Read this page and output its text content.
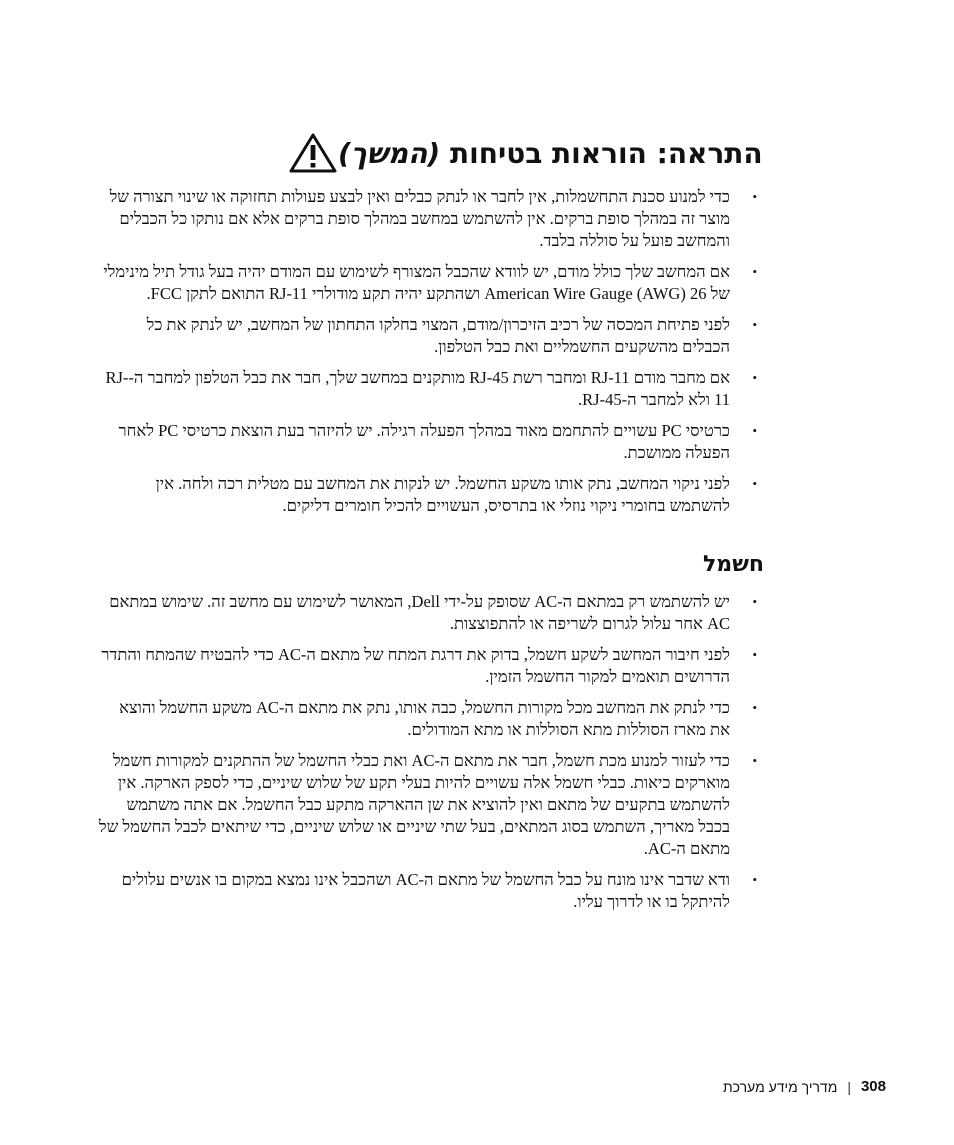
התראה: הוראות בטיחות (המשך)
•
כדי למנוע סכנת התחשמלות, אין לחבר או לנתק כבלים ואין לבצע פעולות תחזוקה או שינוי תצורה של מוצר זה במהלך סופת ברקים. אין להשתמש במחשב במהלך סופת ברקים אלא אם נותקו כל הכבלים והמחשב פועל על סוללה בלבד.
•
אם המחשב שלך כולל מודם, יש לוודא שהכבל המצורף לשימוש עם המודם יהיה בעל גודל תיל מינימלי של 26 American Wire Gauge (AWG) ושהתקע יהיה תקע מודולרי RJ-11 התואם לתקן FCC.
•
לפני פתיחת המכסה של רכיב הזיכרון/מודם, המצוי בחלקו התחתון של המחשב, יש לנתק את כל הכבלים מהשקעים החשמליים ואת כבל הטלפון.
•
אם מחבר מודם RJ-11 ומחבר רשת RJ-45 מותקנים במחשב שלך, חבר את כבל הטלפון למחבר ה-RJ-11 ולא למחבר ה-RJ-45.
•
כרטיסי PC עשויים להתחמם מאוד במהלך הפעלה רגילה. יש להיזהר בעת הוצאת כרטיסי PC לאחר הפעלה ממושכת.
•
לפני ניקוי המחשב, נתק אותו משקע החשמל. יש לנקות את המחשב עם מטלית רכה ולחה. אין להשתמש בחומרי ניקוי נוזלי או בתרסיס, העשויים להכיל חומרים דליקים.
חשמל
•
יש להשתמש רק במתאם ה-AC שסופק על-ידי Dell, המאושר לשימוש עם מחשב זה. שימוש במתאם AC אחר עלול לגרום לשריפה או להתפוצצות.
•
לפני חיבור המחשב לשקע חשמל, בדוק את דרגת המתח של מתאם ה-AC כדי להבטיח שהמתח והתדר הדרושים תואמים למקור החשמל הזמין.
•
כדי לנתק את המחשב מכל מקורות החשמל, כבה אותו, נתק את מתאם ה-AC משקע החשמל והוצא את מארז הסוללות מתא הסוללות או מתא המודולים.
•
כדי לעזור למנוע מכת חשמל, חבר את מתאם ה-AC ואת כבלי החשמל של ההתקנים למקורות חשמל מוארקים כיאות. כבלי חשמל אלה עשויים להיות בעלי תקע של שלוש שיניים, כדי לספק הארקה. אין להשתמש בתקעים של מתאם ואין להוציא את שן ההארקה מתקע כבל החשמל. אם אתה משתמש בכבל מאריך, השתמש בסוג המתאים, בעל שתי שיניים או שלוש שיניים, כדי שיתאים לכבל החשמל של מתאם ה-AC.
•
ודא שדבר אינו מונח על כבל החשמל של מתאם ה-AC ושהכבל אינו נמצא במקום בו אנשים עלולים להיתקל בו או לדרוך עליו.
308
|
מדריך מידע מערכת
